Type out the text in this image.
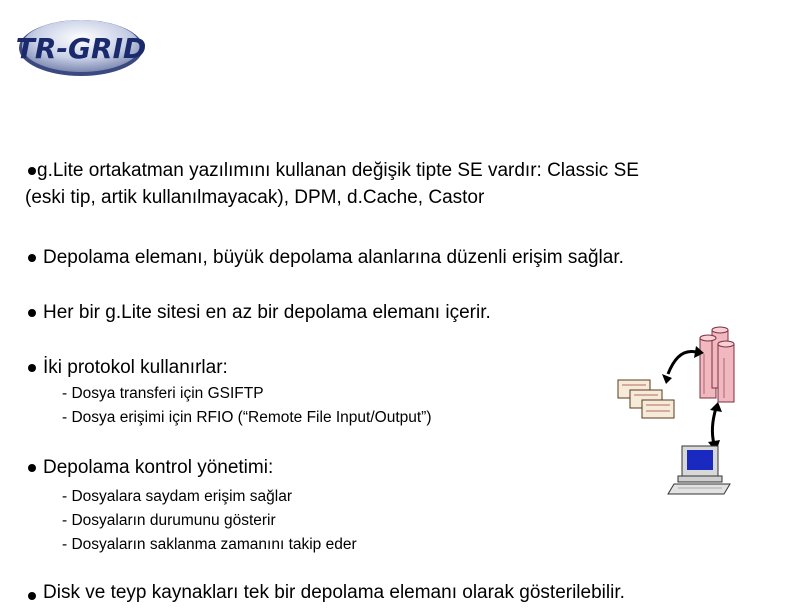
TR-GRID
g.Lite ortakatman yazılımını kullanan değişik tipte SE vardır: Classic SE
(eski tip, artik kullanılmayacak), DPM, d.Cache, Castor
Depolama elemanı, büyük depolama alanlarına düzenli erişim sağlar.
Her bir g.Lite sitesi en az bir depolama elemanı içerir.
İki protokol kullanırlar:
- Dosya transferi için GSIFTP
- Dosya erişimi için RFIO (“Remote File Input/Output”)
Depolama kontrol yönetimi:
- Dosyalara saydam erişim sağlar
- Dosyaların durumunu gösterir
- Dosyaların saklanma zamanını takip eder
Disk ve teyp kaynakları tek bir depolama elemanı olarak gösterilebilir.
